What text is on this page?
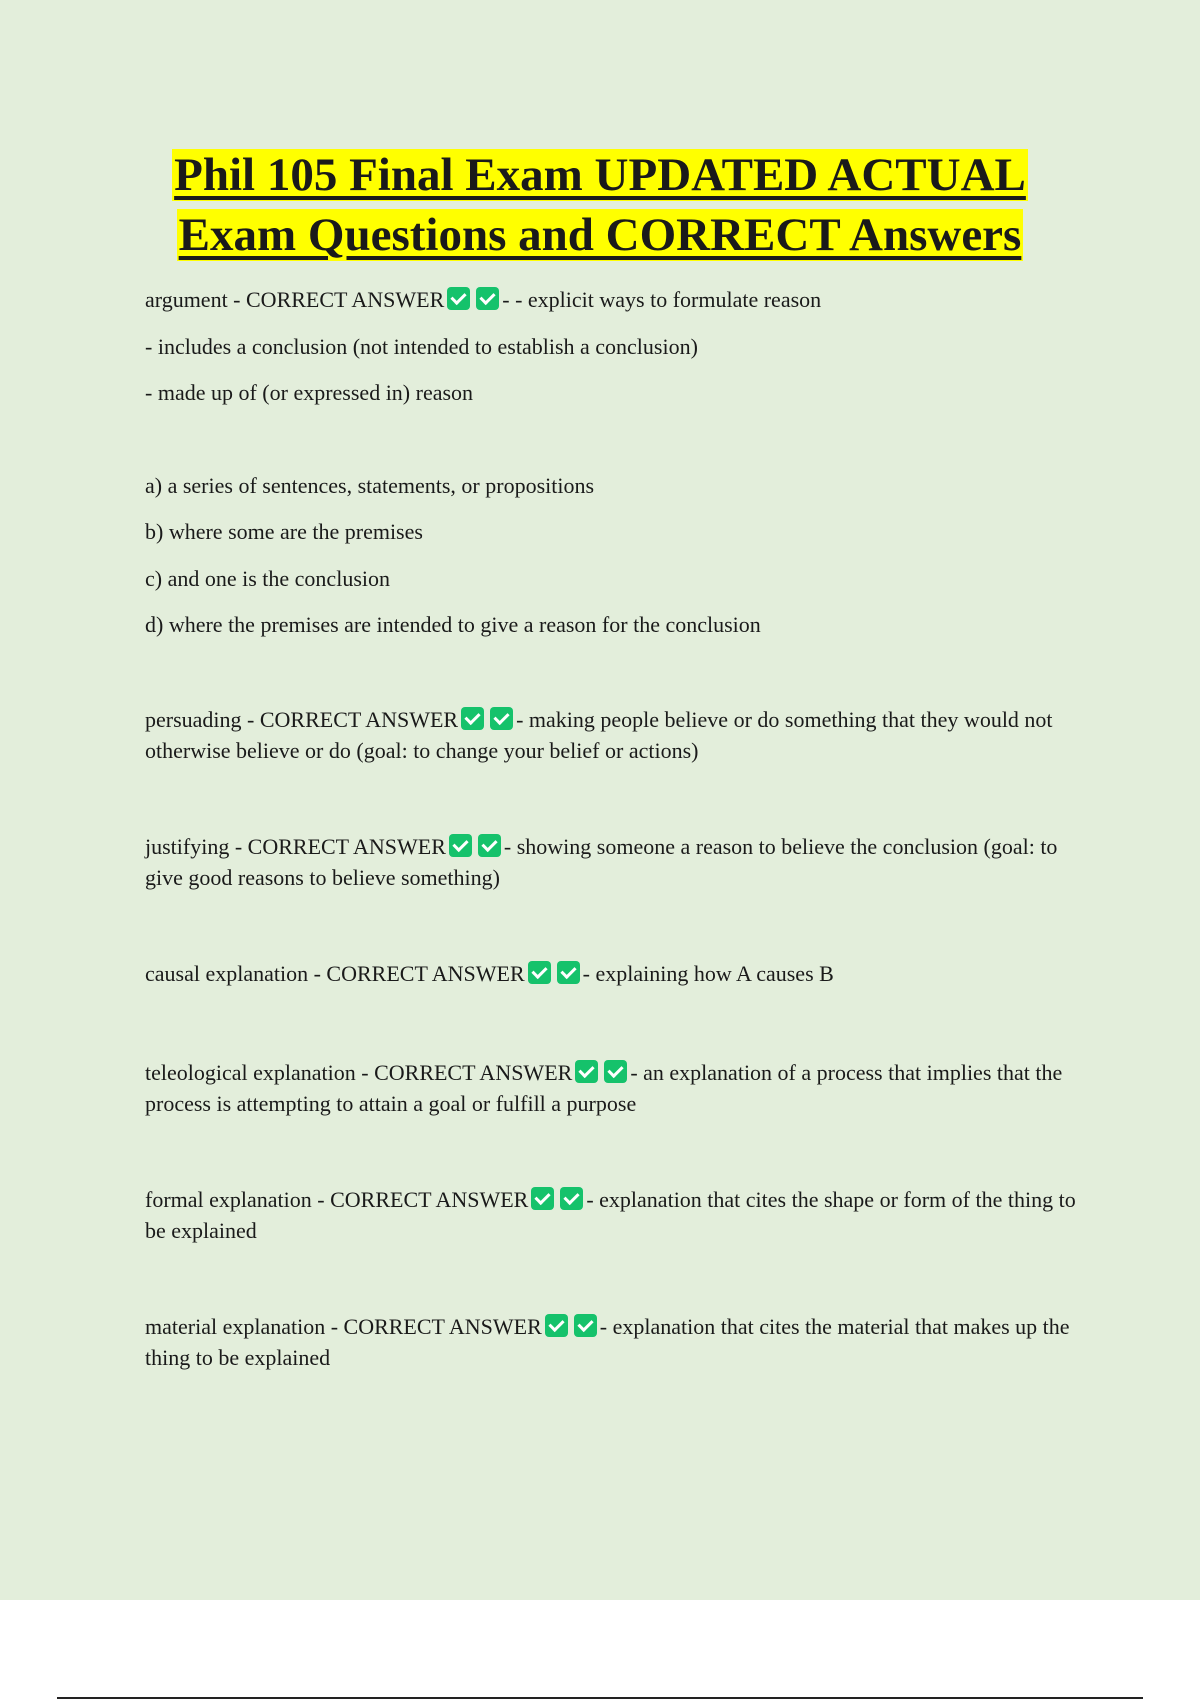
Phil 105 Final Exam UPDATED ACTUAL
Exam Questions and CORRECT Answers
argument - CORRECT ANSWER	- - explicit ways to formulate reason
- includes a conclusion (not intended to establish a conclusion)
- made up of (or expressed in) reason
a) a series of sentences, statements, or propositions
b) where some are the premises
c) and one is the conclusion
d) where the premises are intended to give a reason for the conclusion
persuading - CORRECT ANSWER	- making people believe or do something that they would not otherwise believe or do (goal: to change your belief or actions)
justifying - CORRECT ANSWER	- showing someone a reason to believe the conclusion (goal: to give good reasons to believe something)
causal explanation - CORRECT ANSWER	- explaining how A causes B
teleological explanation - CORRECT ANSWER	- an explanation of a process that implies that the process is attempting to attain a goal or fulfill a purpose
formal explanation - CORRECT ANSWER	- explanation that cites the shape or form of the thing to be explained
material explanation - CORRECT ANSWER	- explanation that cites the material that makes up the thing to be explained
